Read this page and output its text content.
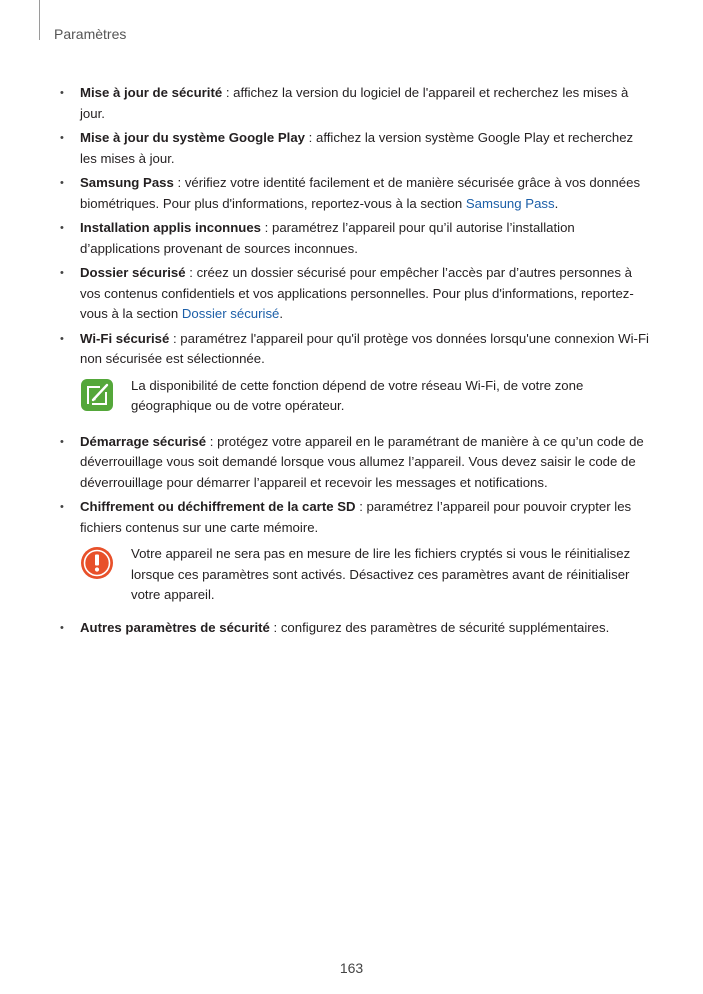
Paramètres
• Mise à jour de sécurité : affichez la version du logiciel de l'appareil et recherchez les mises à jour.
• Mise à jour du système Google Play : affichez la version système Google Play et recherchez les mises à jour.
• Samsung Pass : vérifiez votre identité facilement et de manière sécurisée grâce à vos données biométriques. Pour plus d'informations, reportez-vous à la section Samsung Pass.
• Installation applis inconnues : paramétrez l’appareil pour qu’il autorise l’installation d’applications provenant de sources inconnues.
• Dossier sécurisé : créez un dossier sécurisé pour empêcher l’accès par d’autres personnes à vos contenus confidentiels et vos applications personnelles. Pour plus d'informations, reportez-vous à la section Dossier sécurisé.
• Wi-Fi sécurisé : paramétrez l'appareil pour qu'il protège vos données lorsqu'une connexion Wi-Fi non sécurisée est sélectionnée.
La disponibilité de cette fonction dépend de votre réseau Wi-Fi, de votre zone géographique ou de votre opérateur.
• Démarrage sécurisé : protégez votre appareil en le paramétrant de manière à ce qu’un code de déverrouillage vous soit demandé lorsque vous allumez l’appareil. Vous devez saisir le code de déverrouillage pour démarrer l’appareil et recevoir les messages et notifications.
• Chiffrement ou déchiffrement de la carte SD : paramétrez l’appareil pour pouvoir crypter les fichiers contenus sur une carte mémoire.
Votre appareil ne sera pas en mesure de lire les fichiers cryptés si vous le réinitialisez lorsque ces paramètres sont activés. Désactivez ces paramètres avant de réinitialiser votre appareil.
• Autres paramètres de sécurité : configurez des paramètres de sécurité supplémentaires.
163
